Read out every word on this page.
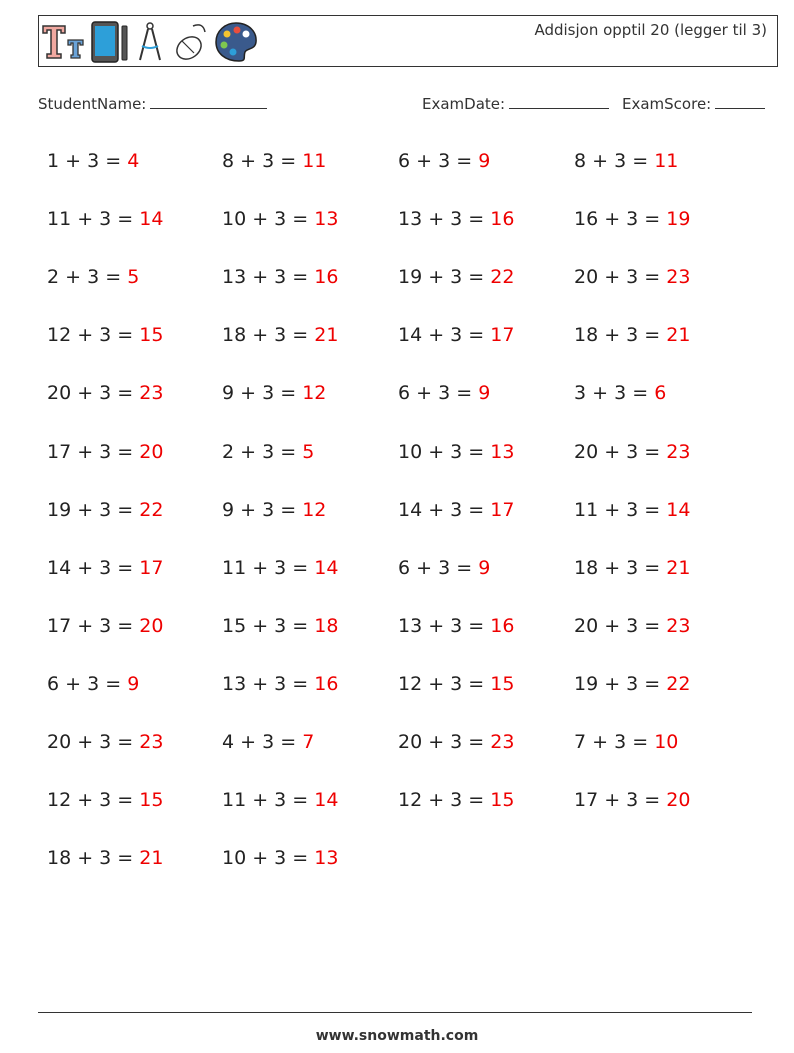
Addisjon opptil 20 (legger til 3)
StudentName:	ExamDate:	ExamScore:
1 + 3 = 4	8 + 3 = 11	6 + 3 = 9	8 + 3 = 11
11 + 3 = 14	10 + 3 = 13	13 + 3 = 16	16 + 3 = 19
2 + 3 = 5	13 + 3 = 16	19 + 3 = 22	20 + 3 = 23
12 + 3 = 15	18 + 3 = 21	14 + 3 = 17	18 + 3 = 21
20 + 3 = 23	9 + 3 = 12	6 + 3 = 9	3 + 3 = 6
17 + 3 = 20	2 + 3 = 5	10 + 3 = 13	20 + 3 = 23
19 + 3 = 22	9 + 3 = 12	14 + 3 = 17	11 + 3 = 14
14 + 3 = 17	11 + 3 = 14	6 + 3 = 9	18 + 3 = 21
17 + 3 = 20	15 + 3 = 18	13 + 3 = 16	20 + 3 = 23
6 + 3 = 9	13 + 3 = 16	12 + 3 = 15	19 + 3 = 22
20 + 3 = 23	4 + 3 = 7	20 + 3 = 23	7 + 3 = 10
12 + 3 = 15	11 + 3 = 14	12 + 3 = 15	17 + 3 = 20
18 + 3 = 21	10 + 3 = 13
www.snowmath.com
